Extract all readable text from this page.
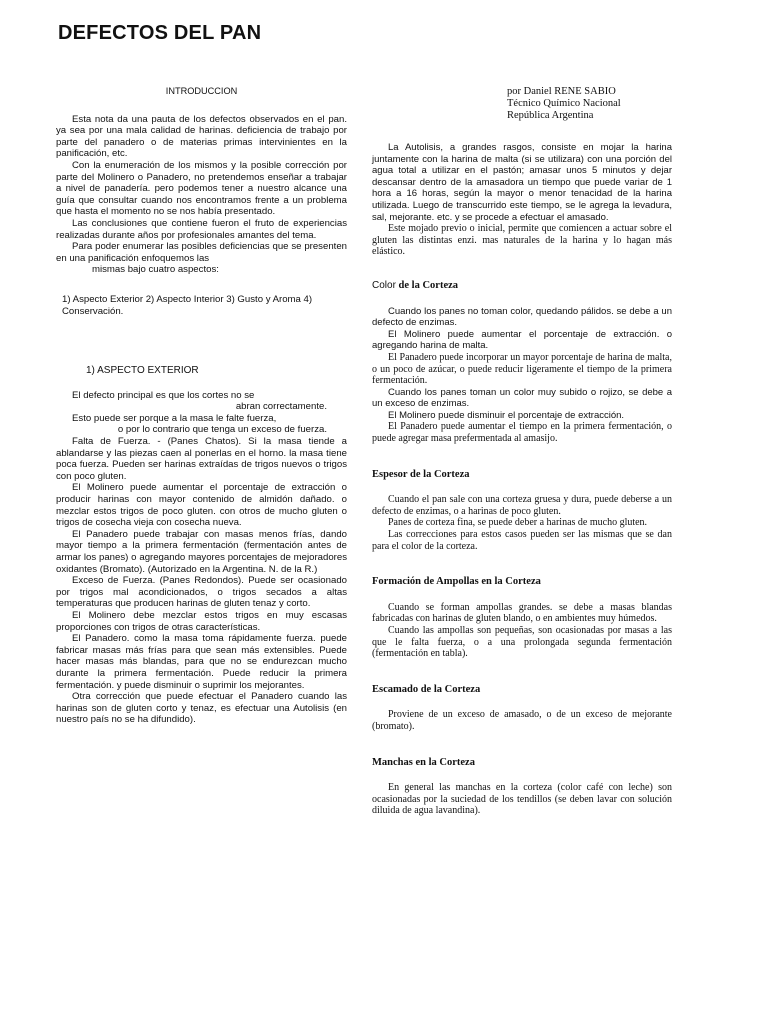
DEFECTOS DEL PAN
por Daniel RENE SABIO
Técnico Químico Nacional
República Argentina
INTRODUCCION

Esta nota da una pauta de los defectos observados en el pan. ya sea por una mala calidad de harinas. deficiencia de trabajo por parte del panadero o de materias primas intervinientes en la panificación, etc.

Con la enumeración de los mismos y la posible corrección por parte del Molinero o Panadero, no pretendemos enseñar a trabajar a nivel de panadería. pero podemos tener a nuestro alcance una guía que consultar cuando nos encontramos frente a un problema que hasta el momento no se nos había presentado.

Las conclusiones que contiene fueron el fruto de experiencias realizadas durante años por profesionales amantes del tema.

Para poder enumerar las posibles deficiencias que se presenten en una panificación enfoquemos las

mismas bajo cuatro aspectos:

1) Aspecto Exterior 2) Aspecto Interior 3) Gusto y Aroma 4) Conservación.

1) ASPECTO EXTERIOR

El defecto principal es que los cortes no se

abran correctamente.

Esto puede ser porque a la masa le falte fuerza,

o por lo contrario que tenga un exceso de fuerza.

Falta de Fuerza. - (Panes Chatos). Si la masa tiende a ablandarse y las piezas caen al ponerlas en el horno. la masa tiene poca fuerza. Pueden ser harinas extraídas de trigos nuevos o trigos con poco gluten.

El Molinero puede aumentar el porcentaje de extracción o producir harinas con mayor contenido de almidón dañado. o mezclar estos trigos de poco gluten. con otros de mucho gluten o trigos de cosecha vieja con cosecha nueva.

El Panadero puede trabajar con masas menos frías, dando mayor tiempo a la primera fermentación (fermentación antes de armar los panes) o agregando mayores porcentajes de mejoradores oxidantes (Bromato). (Autorizado en la Argentina. N. de la R.)

Exceso de Fuerza. (Panes Redondos). Puede ser ocasionado por trigos mal acondicionados, o trigos secados a altas temperaturas que producen harinas de gluten tenaz y corto.

El Molinero debe mezclar estos trigos en muy escasas proporciones con trigos de otras características.

El Panadero. como la masa toma rápidamente fuerza. puede fabricar masas más frías para que sean más extensibles. Puede hacer masas más blandas, para que no se endurezcan mucho durante la primera fermentación. Puede reducir la primera fermentación. y puede disminuir o suprimir los mejorantes.

Otra corrección que puede efectuar el Panadero cuando las harinas son de gluten corto y tenaz, es efectuar una Autolisis (en nuestro país no se ha difundido).

La Autolisis, a grandes rasgos, consiste en mojar la harina juntamente con la harina de malta (si se utilizara) con una porción del agua total a utilizar en el pastón; amasar unos 5 minutos y dejar descansar dentro de la amasadora un tiempo que puede variar de 1 hora a 16 horas, según la mayor o menor tenacidad de la harina utilizada. Luego de transcurrido este tiempo, se le agrega la levadura, sal, mejorante. etc. y se procede a efectuar el amasado.

Este mojado previo o inicial, permite que comiencen a actuar sobre el gluten las distintas enzi. mas naturales de la harina y lo hagan más elástico.

Color de la Corteza

Cuando los panes no toman color, quedando pálidos. se debe a un defecto de enzimas.

El Molinero puede aumentar el porcentaje de extracción. o agregando harina de malta.

El Panadero puede incorporar un mayor porcentaje de harina de malta, o un poco de azúcar, o puede reducir ligeramente el tiempo de la primera fermentación.

Cuando los panes toman un color muy subido o rojizo, se debe a un exceso de enzimas.

El Molinero puede disminuir el porcentaje de extracción.

El Panadero puede aumentar el tiempo en la primera fermentación, o puede agregar masa prefermentada al amasijo.

Espesor de la Corteza

Cuando el pan sale con una corteza gruesa y dura, puede deberse a un defecto de enzimas, o a harinas de poco gluten.

Panes de corteza fina, se puede deber a harinas de mucho gluten.

Las correcciones para estos casos pueden ser las mismas que se dan para el color de la corteza.

Formación de Ampollas en la Corteza

Cuando se forman ampollas grandes. se debe a masas blandas fabricadas con harinas de gluten blando, o en ambientes muy húmedos.

Cuando las ampollas son pequeñas, son ocasionadas por masas a las que le falta fuerza, o a una prolongada segunda fermentación (fermentación en tabla).

Escamado de la Corteza

Proviene de un exceso de amasado, o de un exceso de mejorante (bromato).

Manchas en la Corteza

En general las manchas en la corteza (color café con leche) son ocasionadas por la suciedad de los tendillos (se deben lavar con solución diluida de agua lavandina).
